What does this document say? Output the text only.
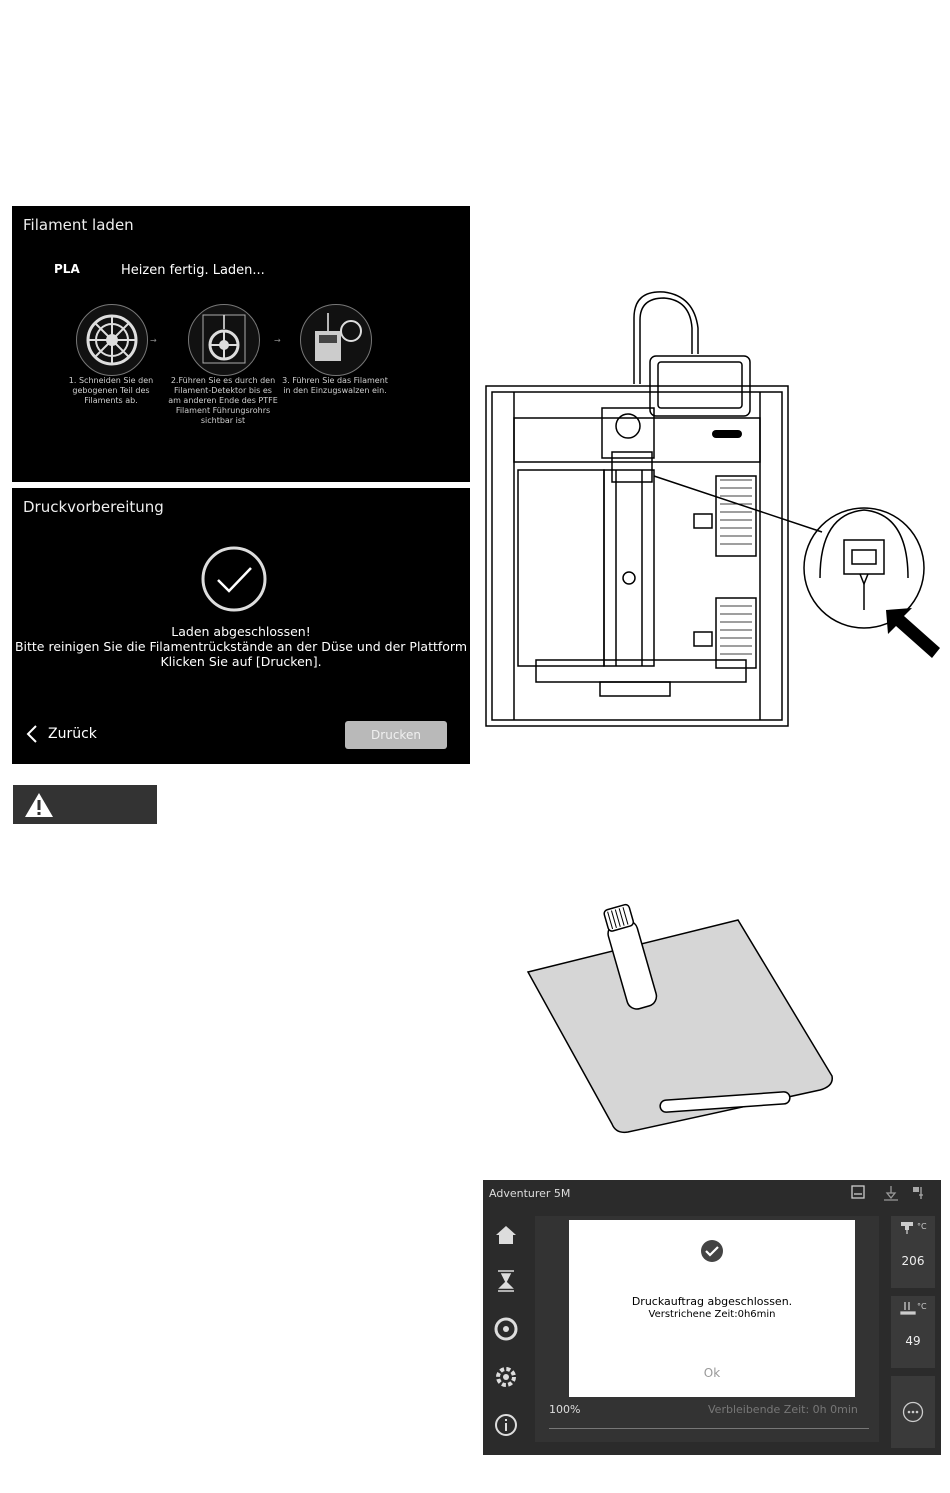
Filament laden
PLA	Heizen fertig. Laden...
→	→
1. Schneiden Sie den gebogenen Teil des Filaments ab.
2.Führen Sie es durch den Filament-Detektor bis es am anderen Ende des PTFE Filament Führungsrohrs sichtbar ist
3. Führen Sie das Filament in den Einzugswalzen ein.
Druckvorbereitung
Laden abgeschlossen!
Bitte reinigen Sie die Filamentrückstände an der Düse und der Plattform
Klicken Sie auf [Drucken].
Zurück	Drucken
Adventurer 5M
Druckauftrag abgeschlossen.
Verstrichene Zeit:0h6min
Ok
100%	Verbleibende Zeit: 0h 0min
°C
206
°C
49
